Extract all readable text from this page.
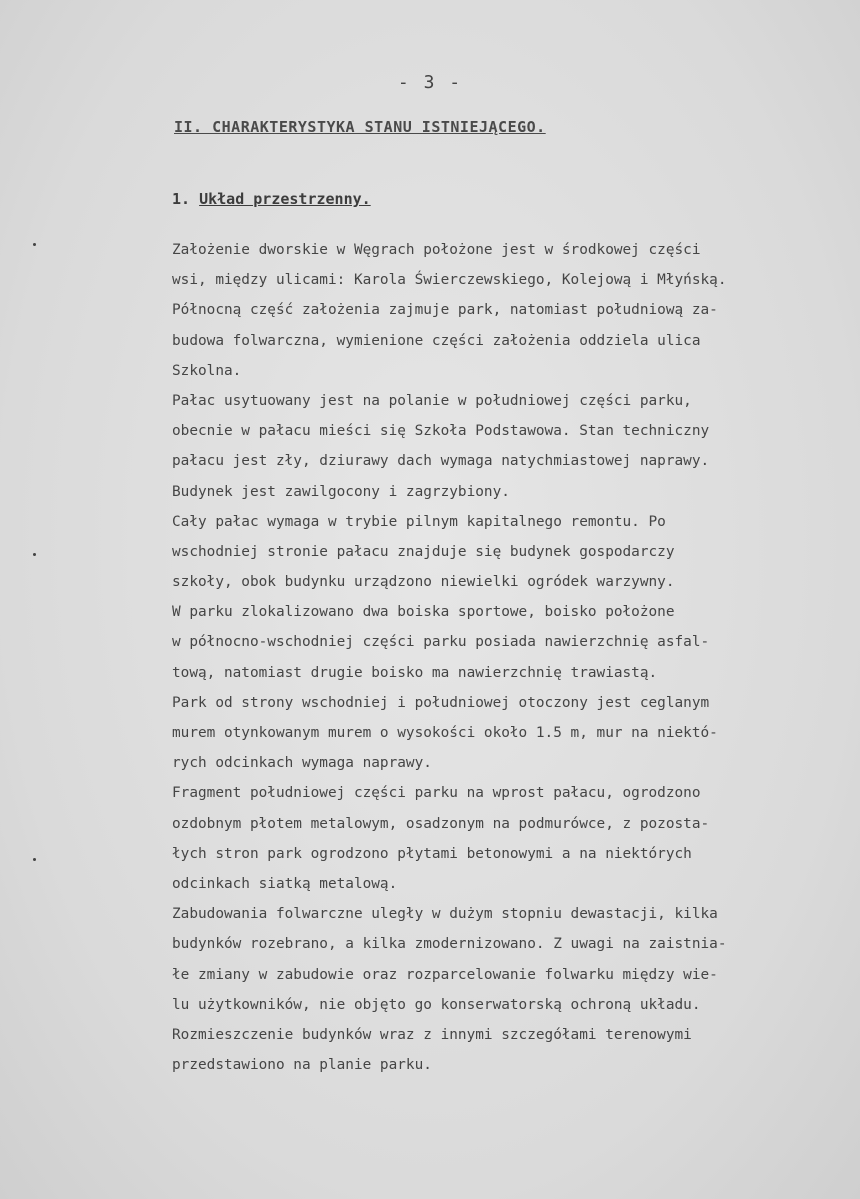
- 3 -
II. CHARAKTERYSTYKA STANU ISTNIEJĄCEGO.
1. Układ przestrzenny.
Założenie dworskie w Węgrach położone jest w środkowej części
wsi, między ulicami: Karola Świerczewskiego, Kolejową i Młyńską.
Północną część założenia zajmuje park, natomiast południową za-
budowa folwarczna, wymienione części założenia oddziela ulica
Szkolna.
Pałac usytuowany jest na polanie w południowej części parku,
obecnie w pałacu mieści się Szkoła Podstawowa. Stan techniczny
pałacu jest zły, dziurawy dach wymaga natychmiastowej naprawy.
Budynek jest zawilgocony i zagrzybiony.
Cały pałac wymaga w trybie pilnym kapitalnego remontu. Po
wschodniej stronie pałacu znajduje się budynek gospodarczy
szkoły, obok budynku urządzono niewielki ogródek warzywny.
W parku zlokalizowano dwa boiska sportowe, boisko położone
w północno-wschodniej części parku posiada nawierzchnię asfal-
tową, natomiast drugie boisko ma nawierzchnię trawiastą.
Park od strony wschodniej i południowej otoczony jest ceglanym
murem otynkowanym murem o wysokości około 1.5 m, mur na niektó-
rych odcinkach wymaga naprawy.
Fragment południowej części parku na wprost pałacu, ogrodzono
ozdobnym płotem metalowym, osadzonym na podmurówce, z pozosta-
łych stron park ogrodzono płytami betonowymi a na niektórych
odcinkach siatką metalową.
Zabudowania folwarczne uległy w dużym stopniu dewastacji, kilka
budynków rozebrano, a kilka zmodernizowano. Z uwagi na zaistnia-
łe zmiany w zabudowie oraz rozparcelowanie folwarku między wie-
lu użytkowników, nie objęto go konserwatorską ochroną układu.
Rozmieszczenie budynków wraz z innymi szczegółami terenowymi
przedstawiono na planie parku.
